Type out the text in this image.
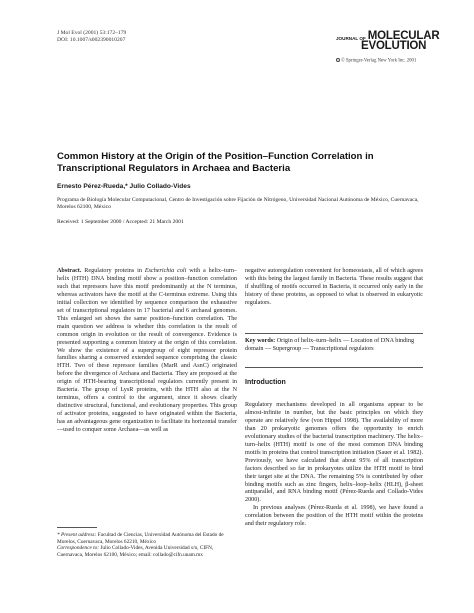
J Mol Evol (2001) 53:172–179
DOI: 10.1007/s002390010207	JOURNAL OF MOLECULAR
EVOLUTION
© Springer-Verlag New York Inc. 2001
Common History at the Origin of the Position–Function Correlation in Transcriptional Regulators in Archaea and Bacteria
Ernesto Pérez-Rueda,* Julio Collado-Vides
Programa de Biología Molecular Computacional, Centro de Investigación sobre Fijación de Nitrógeno, Universidad Nacional Autónoma de México, Cuernavaca, Morelos 62100, México
Received: 1 September 2000 / Accepted: 21 March 2001

Abstract. Regulatory proteins in Escherichia coli with a helix–turn–helix (HTH) DNA binding motif show a position–function correlation such that repressors have this motif predominantly at the N terminus, whereas activators have the motif at the C-terminus extreme. Using this initial collection we identified by sequence comparison the exhaustive set of transcriptional regulators in 17 bacterial and 6 archaeal genomes. This enlarged set shows the same position–function correlation. The main question we address is whether this correlation is the result of common origin in evolution or the result of convergence. Evidence is presented supporting a common history at the origin of this correlation. We show the existence of a supergroup of eight repressor protein families sharing a conserved extended sequence comprising the classic HTH. Two of these repressor families (MarR and AsnC) originated before the divergence of Archaea and Bacteria. They are proposed at the origin of HTH-bearing transcriptional regulators currently present in Bacteria. The group of LysR proteins, with the HTH also at the N terminus, offers a control to the argument, since it shows clearly distinctive structural, functional, and evolutionary properties. This group of activator proteins, suggested to have originated within the Bacteria, has an advantageous gene organization to facilitate its horizontal transfer—used to conquer some Archaea—as well as

negative autoregulation convenient for homeostasis, all of which agrees with this being the largest family in Bacteria. These results suggest that if shuffling of motifs occurred in Bacteria, it occurred only early in the history of these proteins, as opposed to what is observed in eukaryotic regulators.

Key words: Origin of helix–turn–helix — Location of DNA binding domain — Supergroup — Transcriptional regulators
Introduction

Regulatory mechanisms developed in all organisms appear to be almost-infinite in number, but the basic principles on which they operate are relatively few (von Hippel 1998). The availability of more than 20 prokaryotic genomes offers the opportunity to enrich evolutionary studies of the bacterial transcription machinery. The helix–turn–helix (HTH) motif is one of the most common DNA binding motifs in proteins that control transcription initiation (Sauer et al. 1982). Previously, we have calculated that about 95% of all transcription factors described so far in prokaryotes utilize the HTH motif to bind their target site at the DNA. The remaining 5% is contributed by other binding motifs such as zinc fingers, helix–loop–helix (HLH), β-sheet antiparallel, and RNA binding motif (Pérez-Rueda and Collado-Vides 2000).

In previous analyses (Pérez-Rueda et al. 1998), we have found a correlation between the position of the HTH motif within the proteins and their regulatory role.

* Present address: Facultad de Ciencias, Universidad Autónoma del Estado de Morelos, Cuernavaca, Morelos 62210, México
Correspondence to: Julio Collado-Vides, Avenida Universidad s/n, CIFN, Cuernavaca, Morelos 62100, México; email: collado@cifn.unam.mx
